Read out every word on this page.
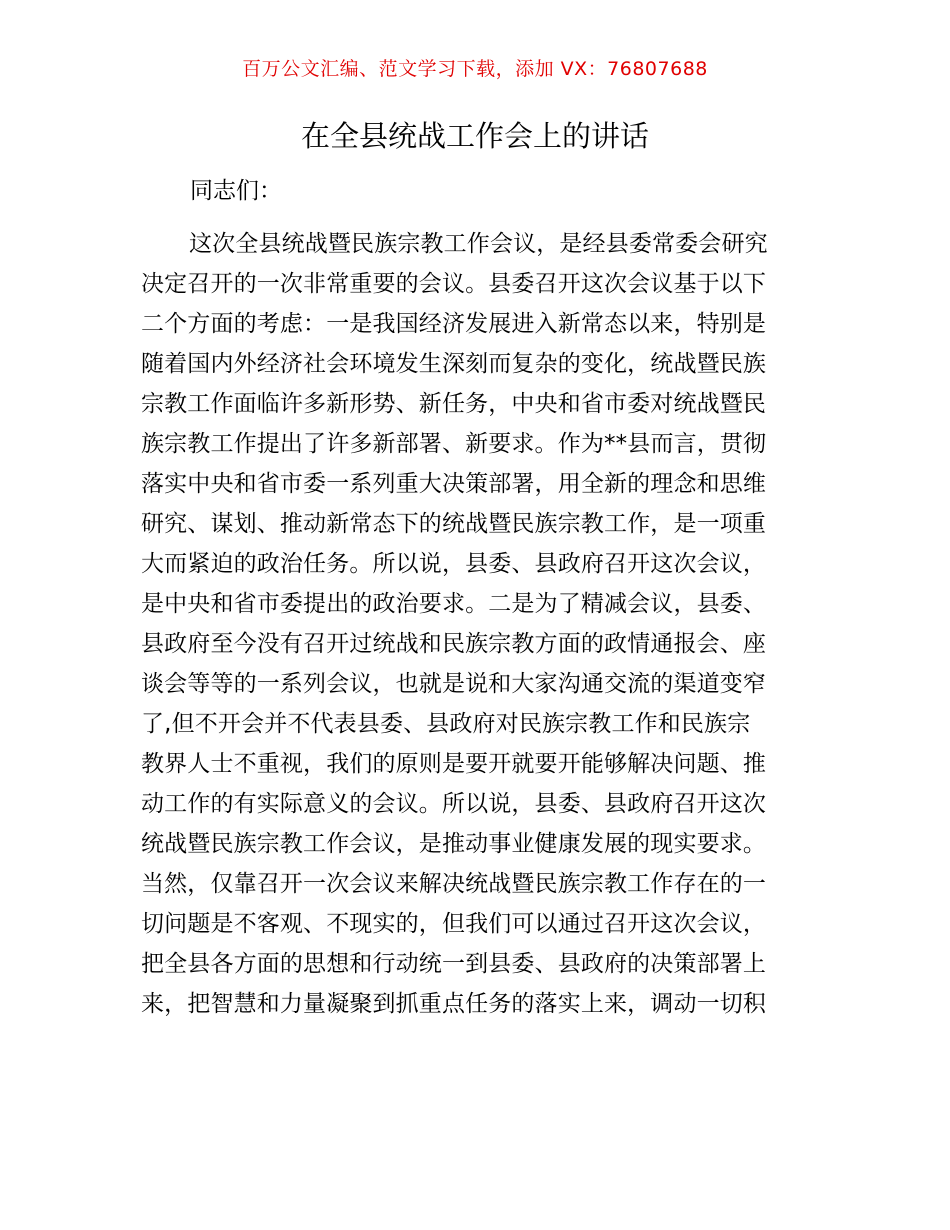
百万公文汇编、范文学习下载，添加 VX：76807688
在全县统战工作会上的讲话
同志们：
这次全县统战暨民族宗教工作会议，是经县委常委会研究
决定召开的一次非常重要的会议。县委召开这次会议基于以下
二个方面的考虑：一是我国经济发展进入新常态以来，特别是
随着国内外经济社会环境发生深刻而复杂的变化，统战暨民族
宗教工作面临许多新形势、新任务，中央和省市委对统战暨民
族宗教工作提出了许多新部署、新要求。作为**县而言，贯彻
落实中央和省市委一系列重大决策部署，用全新的理念和思维
研究、谋划、推动新常态下的统战暨民族宗教工作，是一项重
大而紧迫的政治任务。所以说，县委、县政府召开这次会议，
是中央和省市委提出的政治要求。二是为了精减会议，县委、
县政府至今没有召开过统战和民族宗教方面的政情通报会、座
谈会等等的一系列会议，也就是说和大家沟通交流的渠道变窄
了,但不开会并不代表县委、县政府对民族宗教工作和民族宗
教界人士不重视，我们的原则是要开就要开能够解决问题、推
动工作的有实际意义的会议。所以说，县委、县政府召开这次
统战暨民族宗教工作会议，是推动事业健康发展的现实要求。
当然，仅靠召开一次会议来解决统战暨民族宗教工作存在的一
切问题是不客观、不现实的，但我们可以通过召开这次会议，
把全县各方面的思想和行动统一到县委、县政府的决策部署上
来，把智慧和力量凝聚到抓重点任务的落实上来，调动一切积
